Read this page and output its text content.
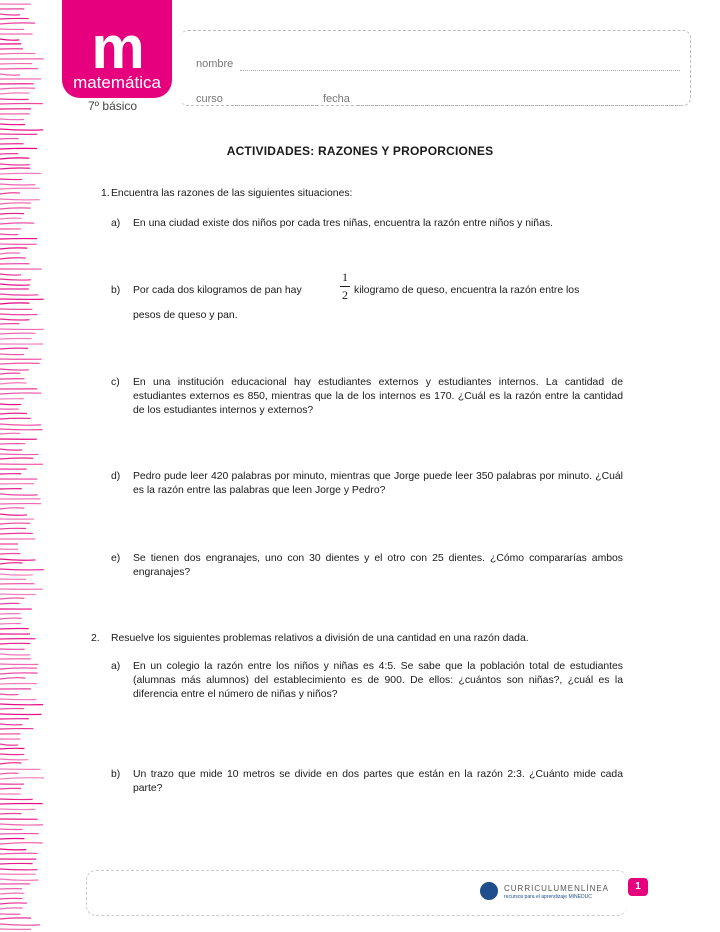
m
matemática
7º básico
nombre
curso	fecha
ACTIVIDADES: RAZONES Y PROPORCIONES
1. Encuentra las razones de las siguientes situaciones:
a) En una ciudad existe dos niños por cada tres niñas, encuentra la razón entre niños y niñas.
b) Por cada dos kilogramos de pan hay
1
2 kilogramo de queso, encuentra la razón entre los
pesos de queso y pan.
c) En una institución educacional hay estudiantes externos y estudiantes internos. La cantidad de estudiantes externos es 850, mientras que la de los internos es 170. ¿Cuál es la razón entre la cantidad de los estudiantes internos y externos?
d) Pedro pude leer 420 palabras por minuto, mientras que Jorge puede leer 350 palabras por minuto. ¿Cuál es la razón entre las palabras que leen Jorge y Pedro?
e) Se tienen dos engranajes, uno con 30 dientes y el otro con 25 dientes. ¿Cómo compararías ambos engranajes?
2. Resuelve los siguientes problemas relativos a división de una cantidad en una razón dada.
a) En un colegio la razón entre los niños y niñas es 4:5. Se sabe que la población total de estudiantes (alumnas más alumnos) del establecimiento es de 900. De ellos: ¿cuántos son niñas?, ¿cuál es la diferencia entre el número de niñas y niños?
b) Un trazo que mide 10 metros se divide en dos partes que están en la razón 2:3. ¿Cuánto mide cada parte?
CURRICULUMENLÍNEA
recursos para el aprendizaje MINEDUC
1
